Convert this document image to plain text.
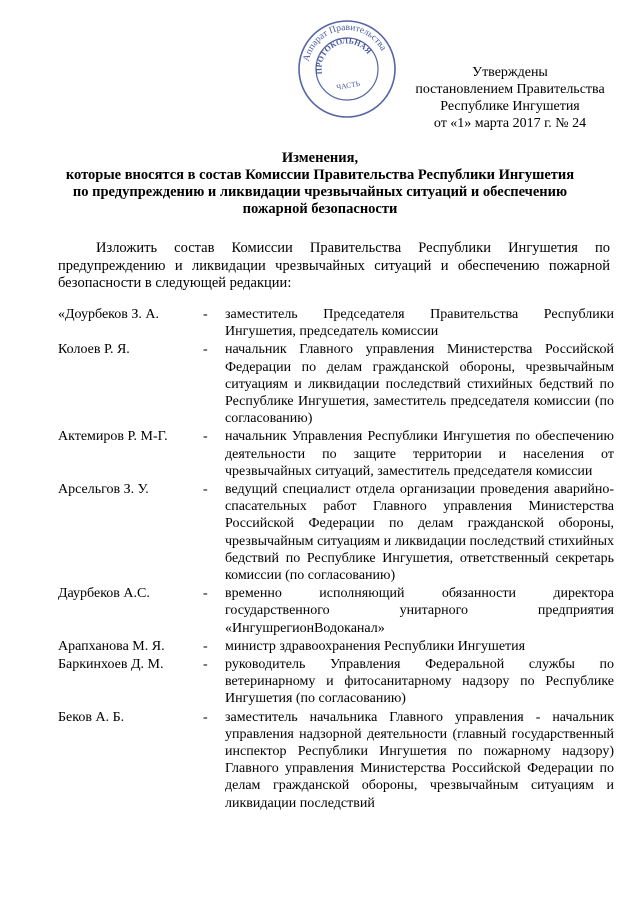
Аппарат Правительства
ПРОТОКОЛЬНАЯ
ЧАСТЬ
Утверждены
постановлением Правительства
Республике Ингушетия
от «1» марта 2017 г. № 24
Изменения,
которые вносятся в состав Комиссии Правительства Республики Ингушетия
по предупреждению и ликвидации чрезвычайных ситуаций и обеспечению
пожарной безопасности

Изложить состав Комиссии Правительства Республики Ингушетия по предупреждению и ликвидации чрезвычайных ситуаций и обеспечению пожарной безопасности в следующей редакции:

«Доурбеков З. А.	-	заместитель Председателя Правительства Республики Ингушетия, председатель комиссии
Колоев Р. Я.	-	начальник Главного управления Министерства Российской Федерации по делам гражданской обороны, чрезвычайным ситуациям и ликвидации последствий стихийных бедствий по Республике Ингушетия, заместитель председателя комиссии (по согласованию)
Актемиров Р. М-Г.	-	начальник Управления Республики Ингушетия по обеспечению деятельности по защите территории и населения от чрезвычайных ситуаций, заместитель председателя комиссии
Арсельгов З. У.	-	ведущий специалист отдела организации проведения аварийно-спасательных работ Главного управления Министерства Российской Федерации по делам гражданской обороны, чрезвычайным ситуациям и ликвидации последствий стихийных бедствий по Республике Ингушетия, ответственный секретарь комиссии (по согласованию)
Даурбеков А.С.	-	временно исполняющий обязанности директора государственного унитарного предприятия «ИнгушрегионВодоканал»
Арапханова М. Я.	-	министр здравоохранения Республики Ингушетия
Баркинхоев Д. М.	-	руководитель Управления Федеральной службы по ветеринарному и фитосанитарному надзору по Республике Ингушетия (по согласованию)
Беков А. Б.	-	заместитель начальника Главного управления - начальник управления надзорной деятельности (главный государственный инспектор Республики Ингушетия по пожарному надзору) Главного управления Министерства Российской Федерации по делам гражданской обороны, чрезвычайным ситуациям и ликвидации последствий
